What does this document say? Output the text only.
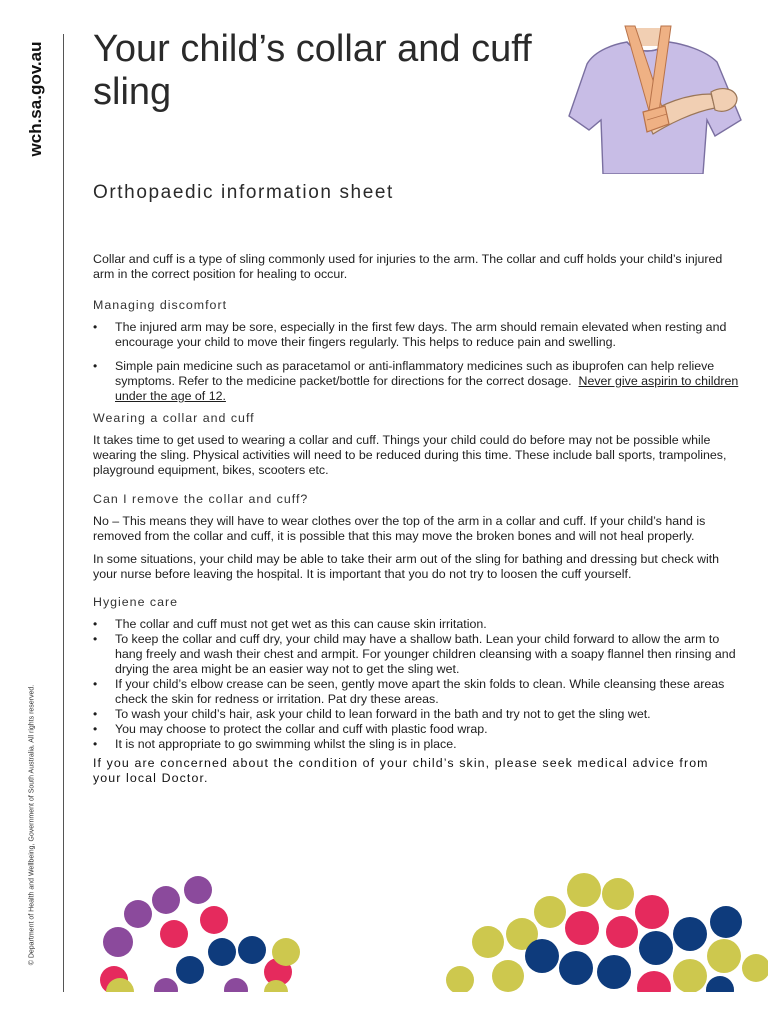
wch.sa.gov.au
© Department of Health and Wellbeing, Government of South Australia. All rights reserved.
Your child’s collar and cuff sling
Orthopaedic information sheet

Collar and cuff is a type of sling commonly used for injuries to the arm. The collar and cuff holds your child’s injured arm in the correct position for healing to occur.

Managing discomfort
• The injured arm may be sore, especially in the first few days. The arm should remain elevated when resting and encourage your child to move their fingers regularly. This helps to reduce pain and swelling.
• Simple pain medicine such as paracetamol or anti-inflammatory medicines such as ibuprofen can help relieve symptoms. Refer to the medicine packet/bottle for directions for the correct dosage. Never give aspirin to children under the age of 12.
Wearing a collar and cuff

It takes time to get used to wearing a collar and cuff. Things your child could do before may not be possible while wearing the sling. Physical activities will need to be reduced during this time. These include ball sports, trampolines, playground equipment, bikes, scooters etc.

Can I remove the collar and cuff?

No – This means they will have to wear clothes over the top of the arm in a collar and cuff. If your child’s hand is removed from the collar and cuff, it is possible that this may move the broken bones and will not heal properly.

In some situations, your child may be able to take their arm out of the sling for bathing and dressing but check with your nurse before leaving the hospital. It is important that you do not try to loosen the cuff yourself.

Hygiene care
• The collar and cuff must not get wet as this can cause skin irritation.
• To keep the collar and cuff dry, your child may have a shallow bath. Lean your child forward to allow the arm to hang freely and wash their chest and armpit. For younger children cleansing with a soapy flannel then rinsing and drying the area might be an easier way not to get the sling wet.
• If your child’s elbow crease can be seen, gently move apart the skin folds to clean. While cleansing these areas check the skin for redness or irritation. Pat dry these areas.
• To wash your child’s hair, ask your child to lean forward in the bath and try not to get the sling wet.
• You may choose to protect the collar and cuff with plastic food wrap.
• It is not appropriate to go swimming whilst the sling is in place.

If you are concerned about the condition of your child’s skin, please seek medical advice from your local Doctor.
